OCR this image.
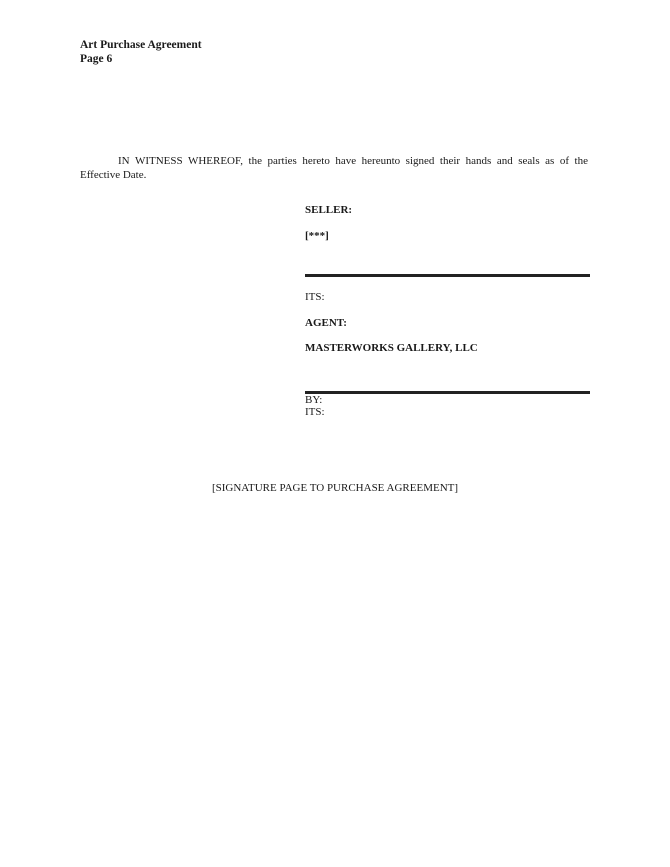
Art Purchase Agreement
Page 6
IN WITNESS WHEREOF, the parties hereto have hereunto signed their hands and seals as of the Effective Date.
SELLER:
[***]
ITS:
AGENT:
MASTERWORKS GALLERY, LLC
BY:
ITS:
[SIGNATURE PAGE TO PURCHASE AGREEMENT]
